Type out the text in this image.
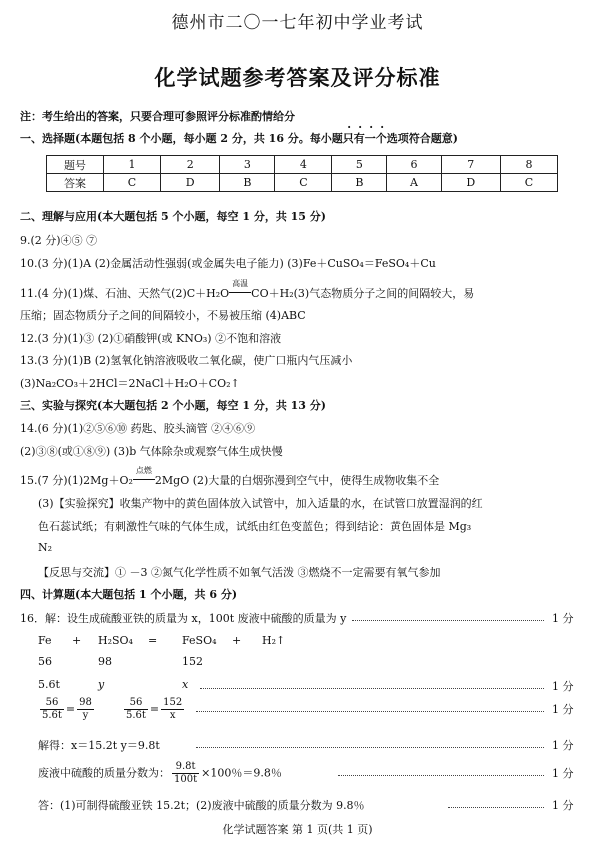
德州市二〇一七年初中学业考试
化学试题参考答案及评分标准
注：考生给出的答案，只要合理可参照评分标准酌情给分
一、选择题(本题包括 8 个小题，每小题 2 分，共 16 分。每小题只有一个选项符合题意)
题号	1	2	3	4	5	6	7	8
答案	C	D	B	C	B	A	D	C
二、理解与应用(本大题包括 5 个小题，每空 1 分，共 15 分)
9.(2 分)④⑤ ⑦
10.(3 分)(1)A (2)金属活动性强弱(或金属失电子能力) (3)Fe＋CuSO₄＝FeSO₄＋Cu
11.(4 分)(1)煤、石油、天然气(2)C＋H₂O
高温
CO＋H₂(3)气态物质分子之间的间隔较大，易
压缩；固态物质分子之间的间隔较小，不易被压缩 (4)ABC
12.(3 分)(1)③ (2)①硝酸钾(或 KNO₃) ②不饱和溶液
13.(3 分)(1)B (2)氢氧化钠溶液吸收二氧化碳，使广口瓶内气压减小
(3)Na₂CO₃＋2HCl＝2NaCl＋H₂O＋CO₂↑
三、实验与探究(本大题包括 2 个小题，每空 1 分，共 13 分)
14.(6 分)(1)②⑤⑥⑩ 药匙、胶头滴管 ②④⑥⑨
(2)③⑧(或①⑧⑨) (3)b 气体除杂或观察气体生成快慢
15.(7 分)(1)2Mg＋O₂
点燃
2MgO (2)大量的白烟弥漫到空气中，使得生成物收集不全
(3)【实验探究】收集产物中的黄色固体放入试管中，加入适量的水，在试管口放置湿润的红
色石蕊试纸；有刺激性气味的气体生成，试纸由红色变蓝色；得到结论：黄色固体是 Mg₃
N₂
【反思与交流】① －3 ②氮气化学性质不如氧气活泼 ③燃烧不一定需要有氧气参加
四、计算题(本大题包括 1 个小题，共 6 分)
16．解：设生成硫酸亚铁的质量为 x，100t 废液中硫酸的质量为 y	1 分
Fe + H₂SO₄ = FeSO₄ + H₂↑
56	98	152
5.6t	y	x	1 分
$\frac{56}{5.6t} = \frac{98}{y}$	$\frac{56}{5.6t} = \frac{152}{x}$	1 分
解得：x＝15.2t y＝9.8t	1 分
废液中硫酸的质量分数为： $\frac{9.8t}{100t} \times 100$％＝9.8％	1 分
答：(1)可制得硫酸亚铁 15.2t；(2)废液中硫酸的质量分数为 9.8％	1 分
化学试题答案 第 1 页(共 1 页)
